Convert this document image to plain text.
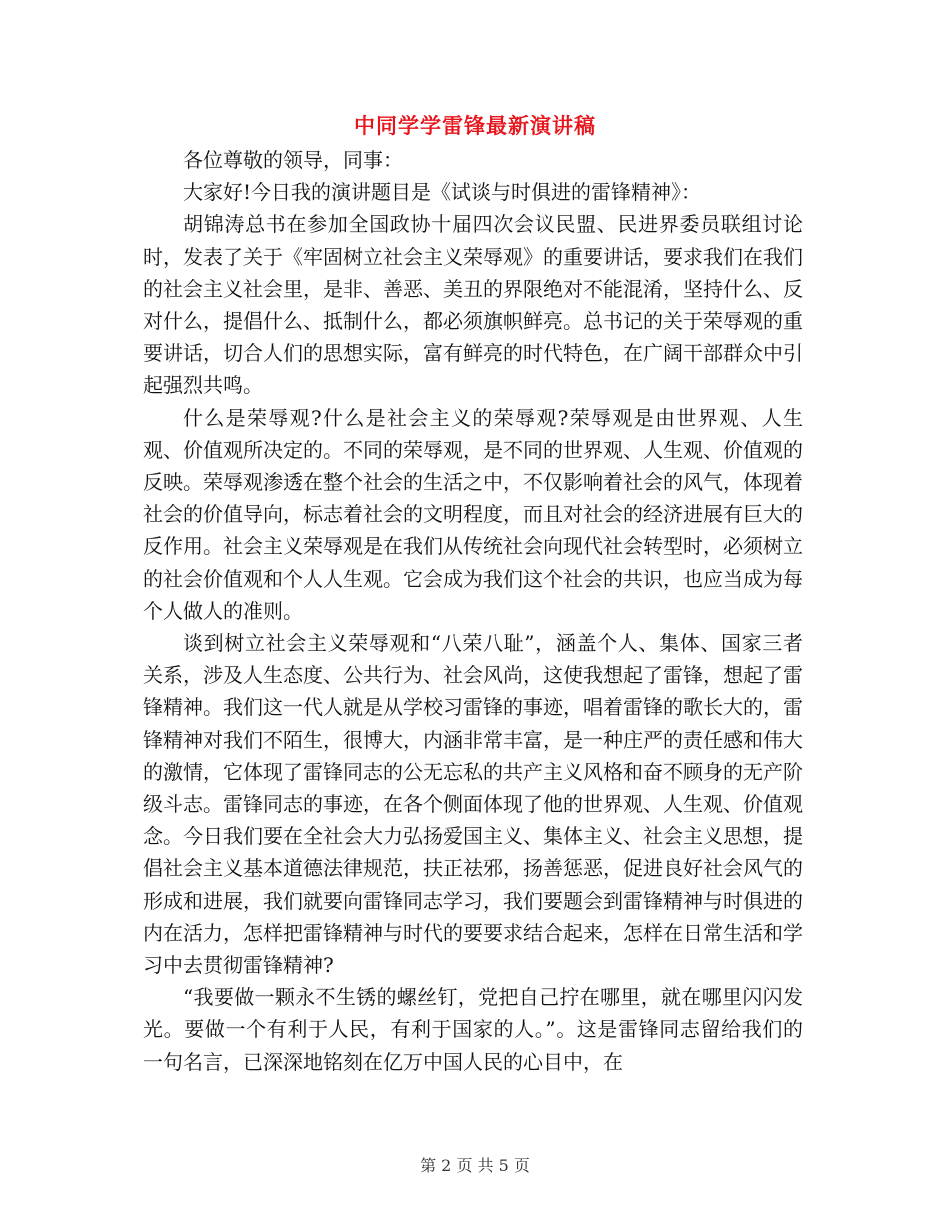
中同学学雷锋最新演讲稿

各位尊敬的领导，同事：

大家好!今日我的演讲题目是《试谈与时俱进的雷锋精神》：

胡锦涛总书在参加全国政协十届四次会议民盟、民进界委员联组讨论时，发表了关于《牢固树立社会主义荣辱观》的重要讲话，要求我们在我们的社会主义社会里，是非、善恶、美丑的界限绝对不能混淆，坚持什么、反对什么，提倡什么、抵制什么，都必须旗帜鲜亮。总书记的关于荣辱观的重要讲话，切合人们的思想实际，富有鲜亮的时代特色，在广阔干部群众中引起强烈共鸣。

什么是荣辱观?什么是社会主义的荣辱观?荣辱观是由世界观、人生观、价值观所决定的。不同的荣辱观，是不同的世界观、人生观、价值观的反映。荣辱观渗透在整个社会的生活之中，不仅影响着社会的风气，体现着社会的价值导向，标志着社会的文明程度，而且对社会的经济进展有巨大的反作用。社会主义荣辱观是在我们从传统社会向现代社会转型时，必须树立的社会价值观和个人人生观。它会成为我们这个社会的共识，也应当成为每个人做人的准则。

谈到树立社会主义荣辱观和“八荣八耻”，涵盖个人、集体、国家三者关系，涉及人生态度、公共行为、社会风尚，这使我想起了雷锋，想起了雷锋精神。我们这一代人就是从学校习雷锋的事迹，唱着雷锋的歌长大的，雷锋精神对我们不陌生，很博大，内涵非常丰富，是一种庄严的责任感和伟大的激情，它体现了雷锋同志的公无忘私的共产主义风格和奋不顾身的无产阶级斗志。雷锋同志的事迹，在各个侧面体现了他的世界观、人生观、价值观念。今日我们要在全社会大力弘扬爱国主义、集体主义、社会主义思想，提倡社会主义基本道德法律规范，扶正祛邪，扬善惩恶，促进良好社会风气的形成和进展，我们就要向雷锋同志学习，我们要题会到雷锋精神与时俱进的内在活力，怎样把雷锋精神与时代的要要求结合起来，怎样在日常生活和学习中去贯彻雷锋精神?

“我要做一颗永不生锈的螺丝钉，党把自己拧在哪里，就在哪里闪闪发光。要做一个有利于人民，有利于国家的人。”。这是雷锋同志留给我们的一句名言，已深深地铭刻在亿万中国人民的心目中，在

第 2 页 共 5 页
